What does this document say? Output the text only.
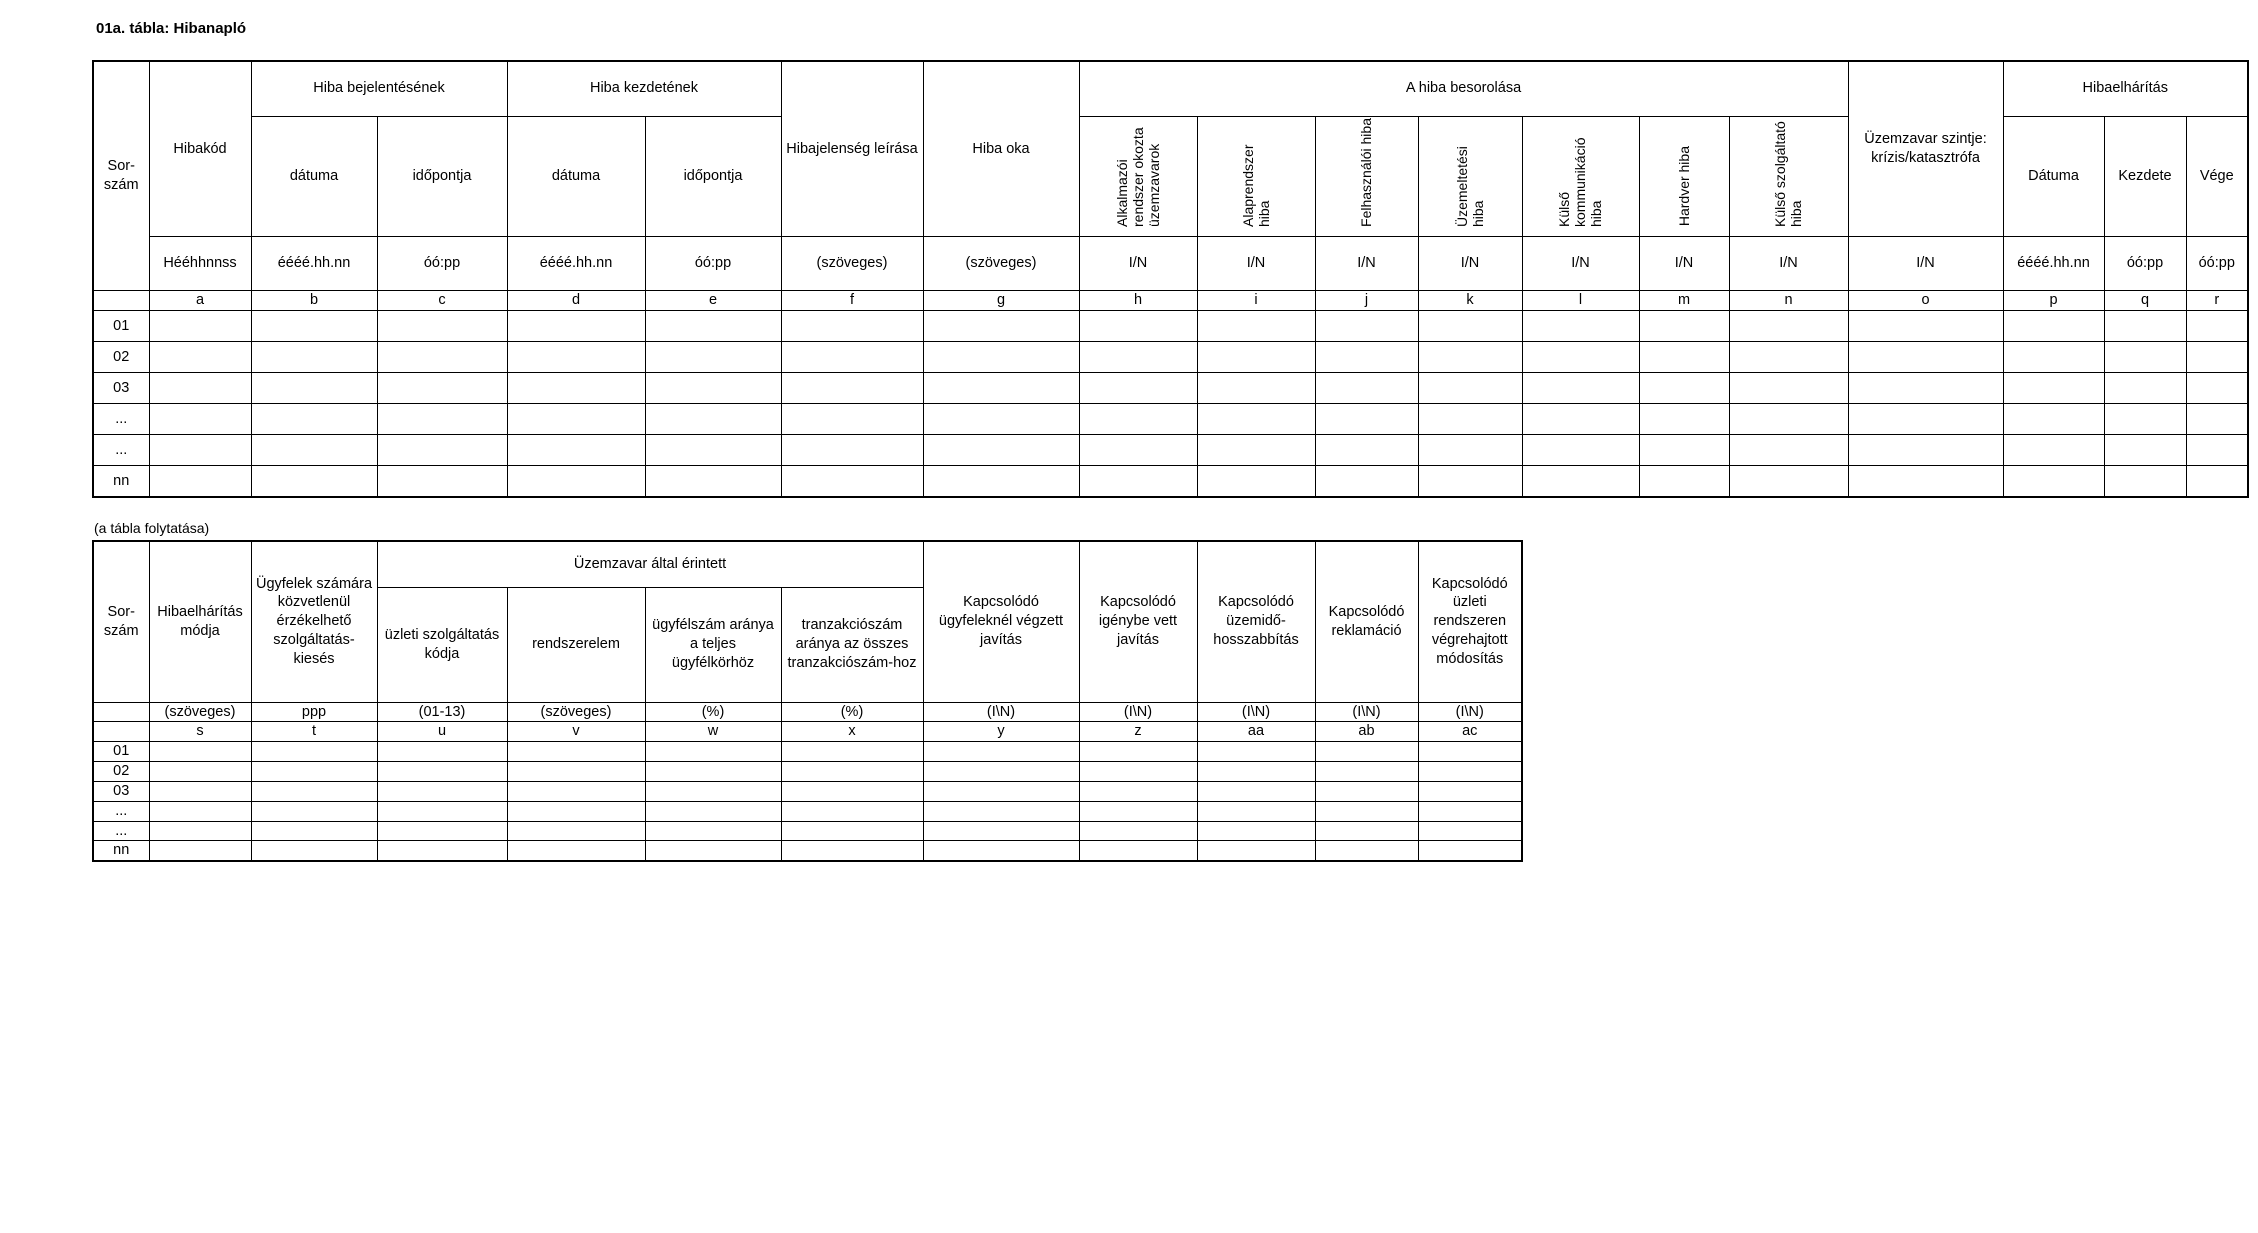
01a. tábla: Hibanapló
Sor-
szám	Hibakód	Hiba bejelentésének		Hiba kezdetének		Hibajelenség leírása	Hiba oka	A hiba besorolása							Üzemzavar szintje: krízis/katasztrófa	Hibaelhárítás		
		dátuma	időpontja	dátuma	időpontja			Alkalmazói rendszer okozta üzemzavarok	Alaprendszer hiba	Felhasználói hiba	Üzemeltetési hiba	Külső kommunikáció hiba	Hardver hiba	Külső szolgáltató hiba		Dátuma	Kezdete	Vége
	Hééhhnnss	éééé.hh.nn	óó:pp	éééé.hh.nn	óó:pp	(szöveges)	(szöveges)	I/N	I/N	I/N	I/N	I/N	I/N	I/N	I/N	éééé.hh.nn	óó:pp	óó:pp
	a	b	c	d	e	f	g	h	i	j	k	l	m	n	o	p	q	r
01																		
02																		
03																		
...																		
...																		
nn																		
(a tábla folytatása)
Sor-
szám	Hibaelhárítás módja	Ügyfelek számára közvetlenül érzékelhető szolgáltatás-kiesés	Üzemzavar által érintett				Kapcsolódó ügyfeleknél végzett javítás	Kapcsolódó igénybe vett javítás	Kapcsolódó üzemidő-hosszabbítás	Kapcsolódó reklamáció	Kapcsolódó üzleti rendszeren végrehajtott módosítás
			üzleti szolgáltatás kódja	rendszerelem	ügyfélszám aránya a teljes ügyfélkörhöz	tranzakciószám aránya az összes tranzakciószám-hoz					
	(szöveges)	ppp	(01-13)	(szöveges)	(%)	(%)	(I\N)	(I\N)	(I\N)	(I\N)	(I\N)
	s	t	u	v	w	x	y	z	aa	ab	ac
01											
02											
03											
...											
...											
nn											
